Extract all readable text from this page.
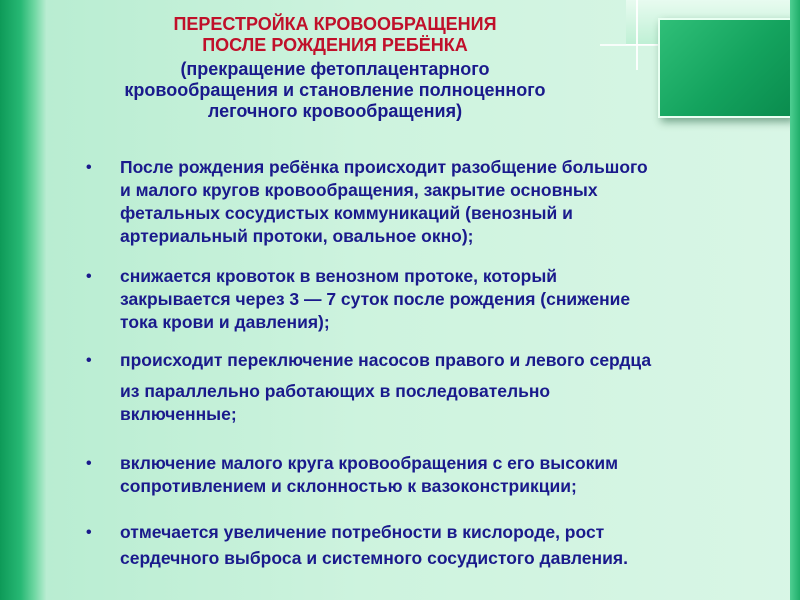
ПЕРЕСТРОЙКА КРОВООБРАЩЕНИЯ
ПОСЛЕ РОЖДЕНИЯ РЕБЁНКА
(прекращение фетоплацентарного
кровообращения и становление полноценного
легочного кровообращения)
•	После рождения ребёнка происходит разобщение большого
и малого кругов кровообращения, закрытие основных
фетальных сосудистых коммуникаций (венозный и
артериальный протоки, овальное окно);
•	снижается кровоток в венозном протоке, который
закрывается через 3 — 7 суток после рождения (снижение
тока крови и давления);
•	происходит переключение насосов правого и левого сердца
из параллельно работающих в последовательно
включенные;
•	включение малого круга кровообращения с его высоким
сопротивлением и склонностью к вазоконстрикции;
•	отмечается увеличение потребности в кислороде, рост
сердечного выброса и системного сосудистого давления.
